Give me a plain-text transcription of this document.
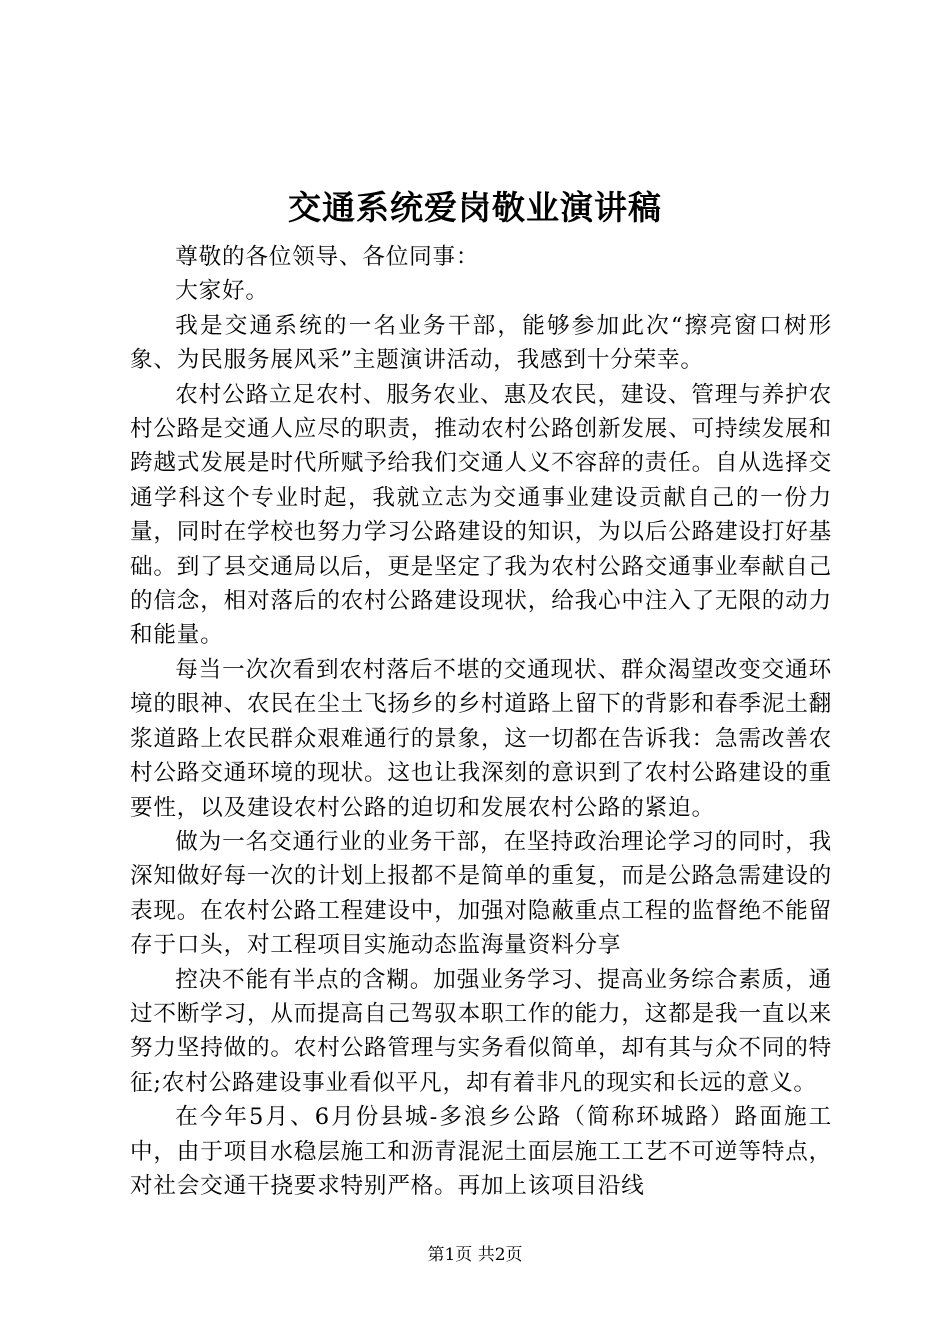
交通系统爱岗敬业演讲稿

尊敬的各位领导、各位同事：

大家好。

我是交通系统的一名业务干部，能够参加此次“擦亮窗口树形象、为民服务展风采”主题演讲活动，我感到十分荣幸。

农村公路立足农村、服务农业、惠及农民，建设、管理与养护农村公路是交通人应尽的职责，推动农村公路创新发展、可持续发展和跨越式发展是时代所赋予给我们交通人义不容辞的责任。自从选择交通学科这个专业时起，我就立志为交通事业建设贡献自己的一份力量，同时在学校也努力学习公路建设的知识，为以后公路建设打好基础。到了县交通局以后，更是坚定了我为农村公路交通事业奉献自己的信念，相对落后的农村公路建设现状，给我心中注入了无限的动力和能量。

每当一次次看到农村落后不堪的交通现状、群众渴望改变交通环境的眼神、农民在尘土飞扬乡的乡村道路上留下的背影和春季泥土翻浆道路上农民群众艰难通行的景象，这一切都在告诉我：急需改善农村公路交通环境的现状。这也让我深刻的意识到了农村公路建设的重要性，以及建设农村公路的迫切和发展农村公路的紧迫。

做为一名交通行业的业务干部，在坚持政治理论学习的同时，我深知做好每一次的计划上报都不是简单的重复，而是公路急需建设的表现。在农村公路工程建设中，加强对隐蔽重点工程的监督绝不能留存于口头，对工程项目实施动态监海量资料分享

控决不能有半点的含糊。加强业务学习、提高业务综合素质，通过不断学习，从而提高自己驾驭本职工作的能力，这都是我一直以来努力坚持做的。农村公路管理与实务看似简单，却有其与众不同的特征;农村公路建设事业看似平凡，却有着非凡的现实和长远的意义。

在今年5月、6月份县城-多浪乡公路（简称环城路）路面施工中，由于项目水稳层施工和沥青混泥土面层施工工艺不可逆等特点，对社会交通干挠要求特别严格。再加上该项目沿线

第1页 共2页
